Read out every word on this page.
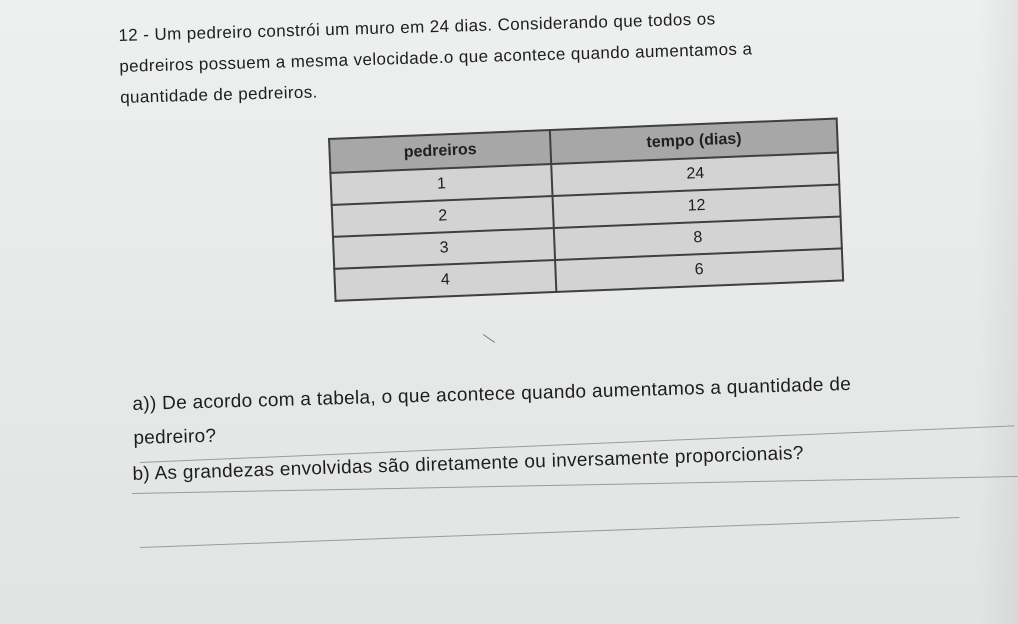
12 - Um pedreiro constrói um muro em 24 dias. Considerando que todos os
pedreiros possuem a mesma velocidade.o que acontece quando aumentamos a
quantidade de pedreiros.
pedreiros	tempo (dias)
1	24
2	12
3	8
4	6
a)) De acordo com a tabela, o que acontece quando aumentamos a quantidade de
pedreiro?
b) As grandezas envolvidas são diretamente ou inversamente proporcionais?
